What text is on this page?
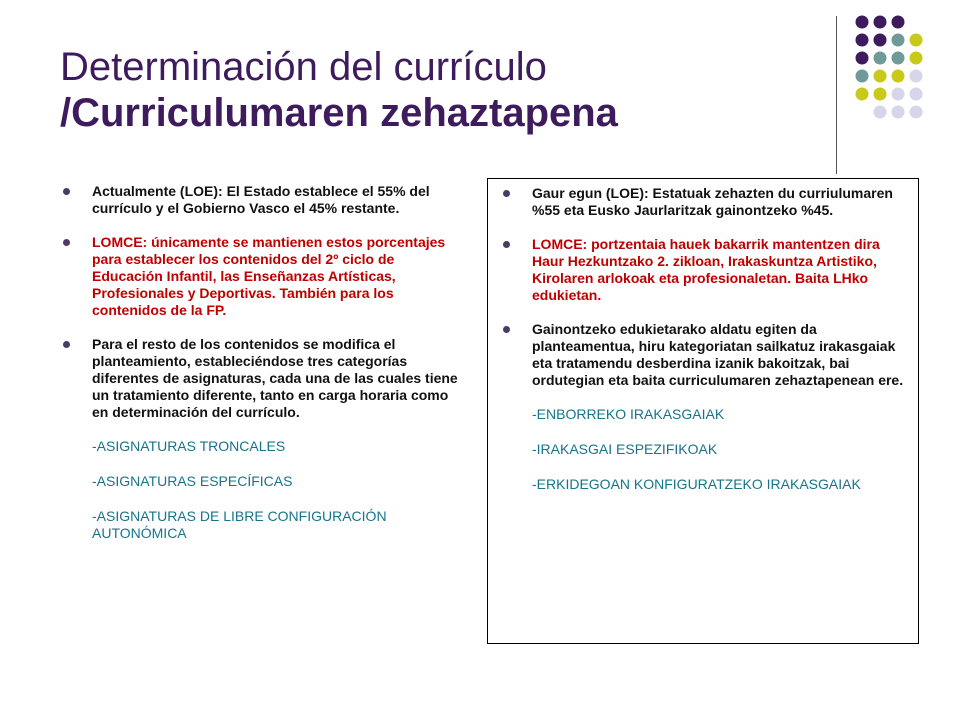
Determinación del currículo
/Curriculumaren zehaztapena
Actualmente (LOE): El Estado establece el 55% del currículo y el Gobierno Vasco el 45% restante.
LOMCE: únicamente se mantienen estos porcentajes para establecer los contenidos del 2º ciclo de Educación Infantil, las Enseñanzas Artísticas, Profesionales y Deportivas. También para los contenidos de la FP.
Para el resto de los contenidos se modifica el planteamiento, estableciéndose tres categorías diferentes de asignaturas, cada una de las cuales tiene un tratamiento diferente, tanto en carga horaria como en determinación del currículo.
-ASIGNATURAS TRONCALES
-ASIGNATURAS ESPECÍFICAS
-ASIGNATURAS DE LIBRE CONFIGURACIÓN AUTONÓMICA
Gaur egun (LOE): Estatuak zehazten du curriulumaren %55 eta Eusko Jaurlaritzak gainontzeko %45.
LOMCE: portzentaia hauek bakarrik mantentzen dira Haur Hezkuntzako 2. zikloan, Irakaskuntza Artistiko, Kirolaren arlokoak eta profesionaletan. Baita LHko edukietan.
Gainontzeko edukietarako aldatu egiten da planteamentua, hiru kategoriatan sailkatuz irakasgaiak eta tratamendu desberdina izanik bakoitzak, bai ordutegian eta baita curriculumaren zehaztapenean ere.
-ENBORREKO IRAKASGAIAK
-IRAKASGAI ESPEZIFIKOAK
-ERKIDEGOAN KONFIGURATZEKO IRAKASGAIAK
